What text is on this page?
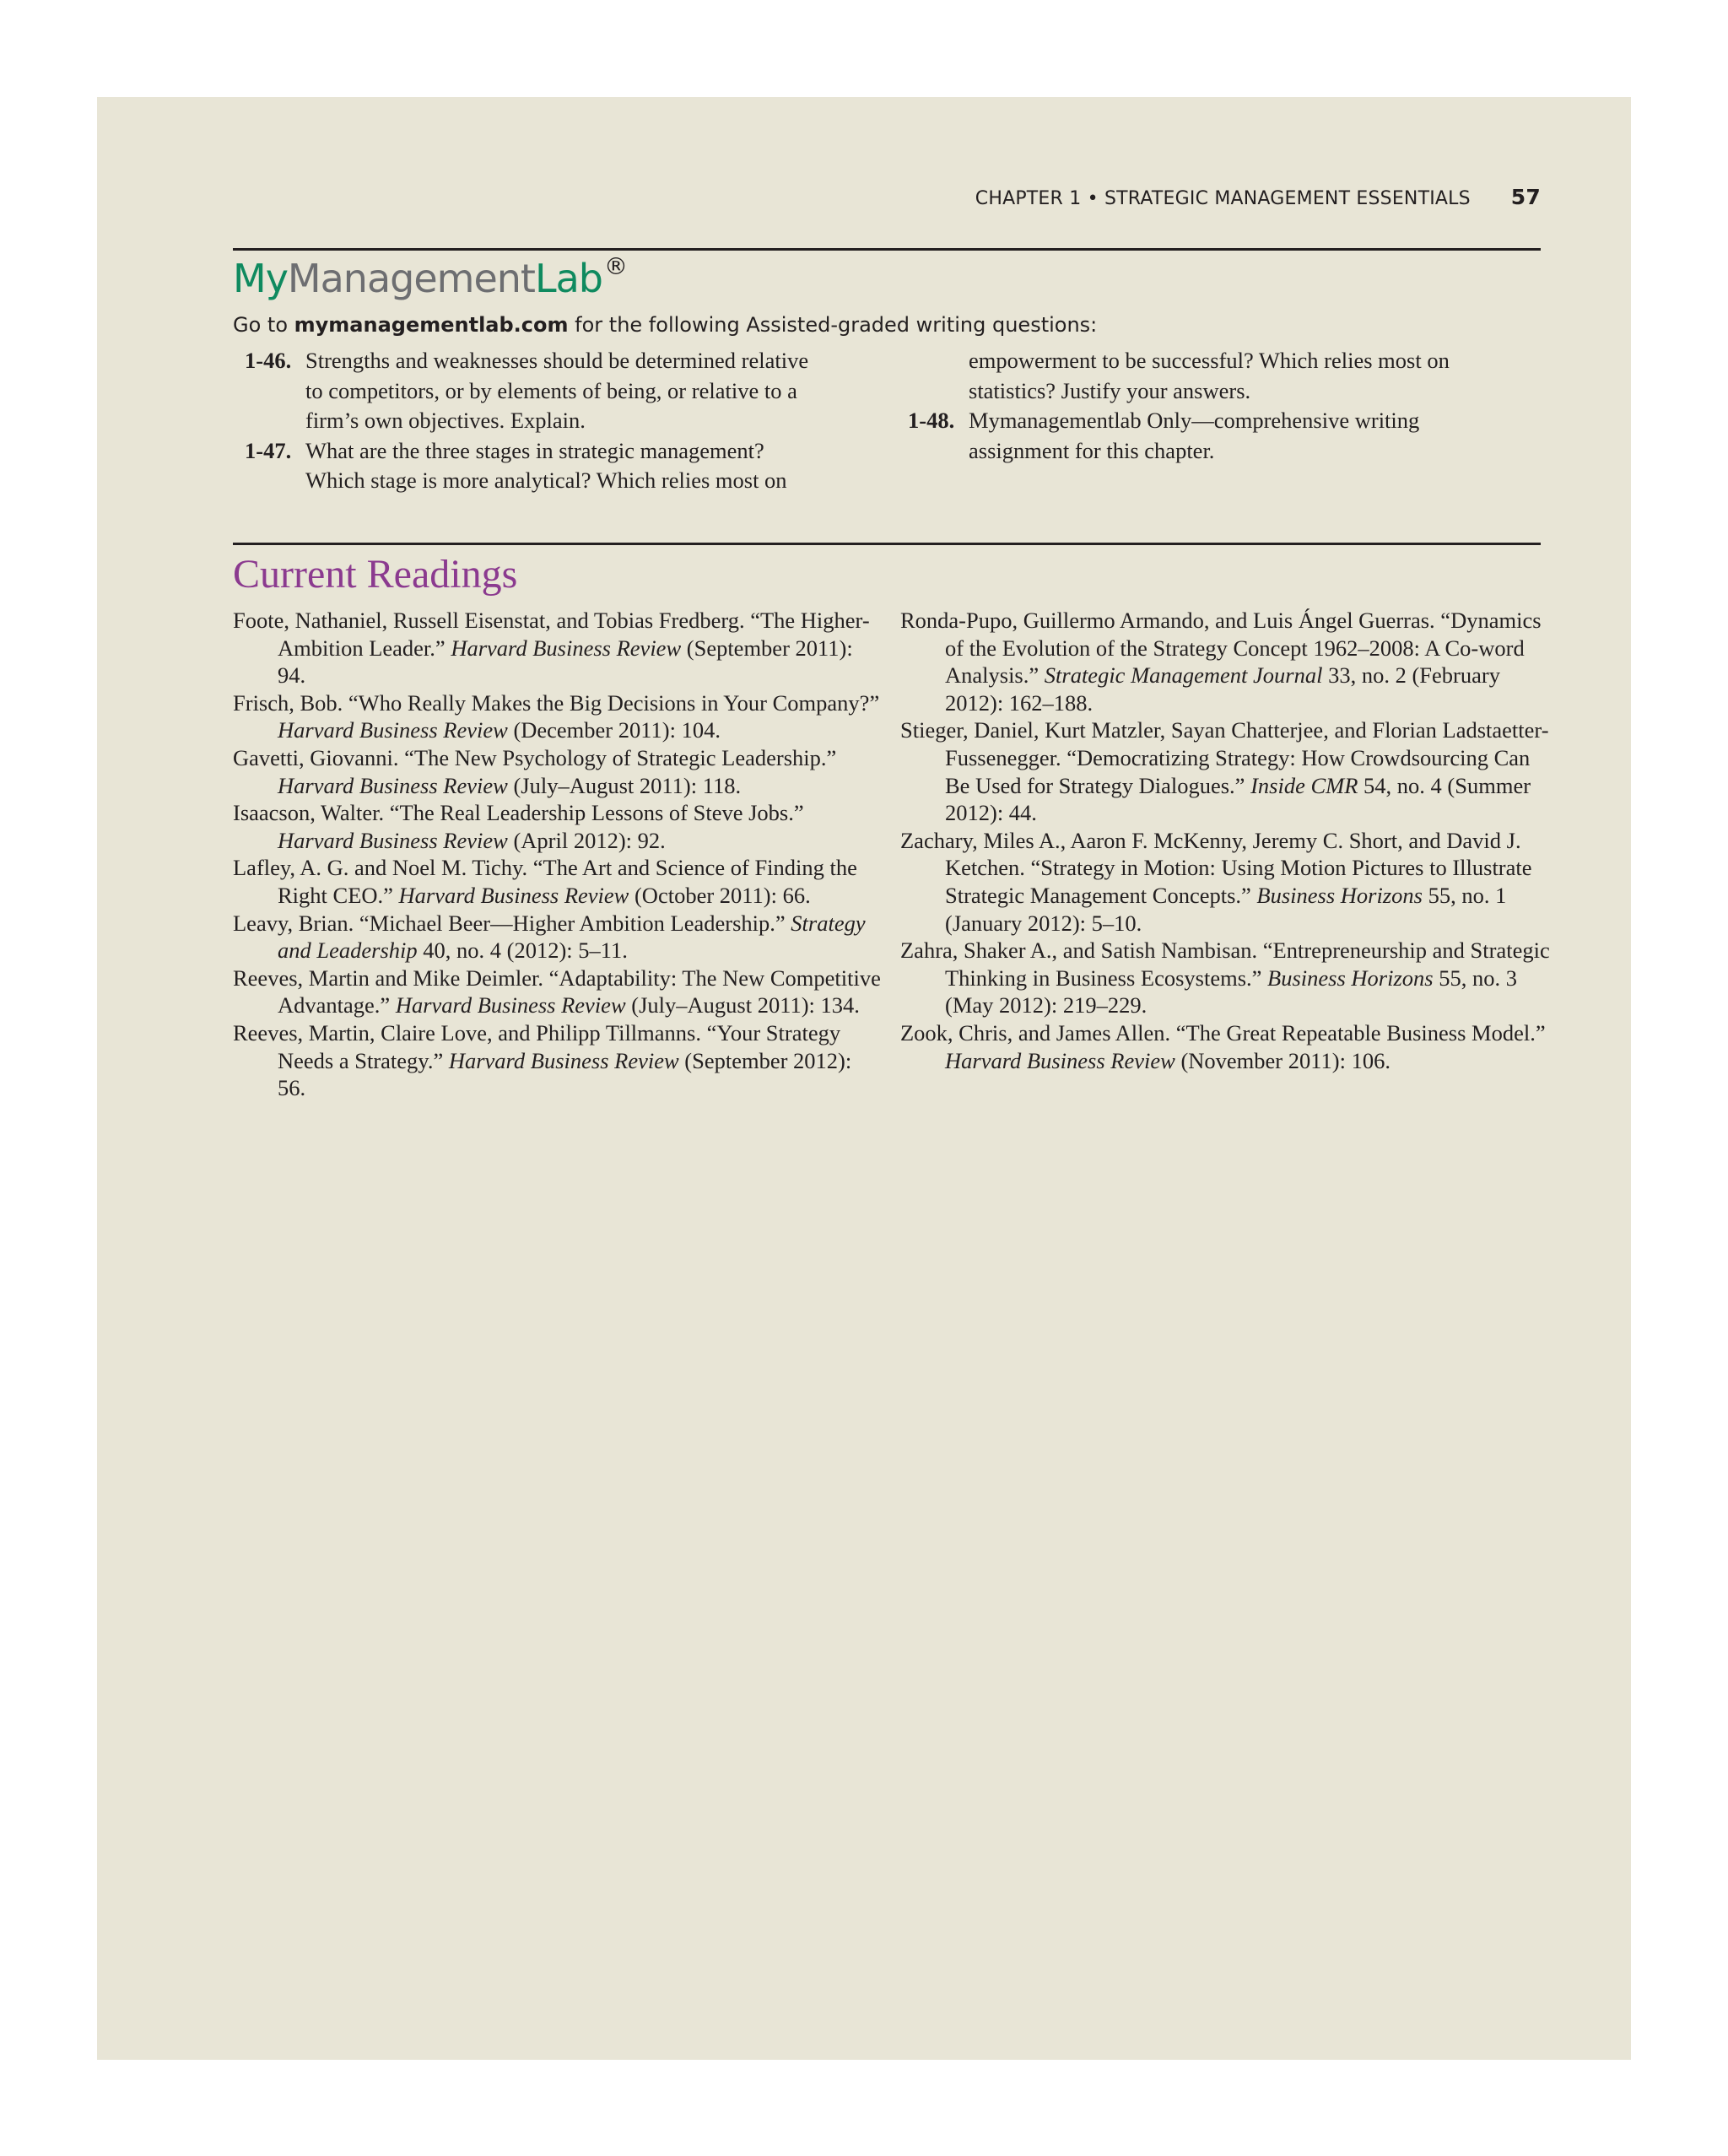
CHAPTER 1 • STRATEGIC MANAGEMENT ESSENTIALS 57
MyManagementLab®
Go to mymanagementlab.com for the following Assisted-graded writing questions:
1-46. Strengths and weaknesses should be determined relative
to competitors, or by elements of being, or relative to a
firm’s own objectives. Explain.
1-47. What are the three stages in strategic management?
Which stage is more analytical? Which relies most on
empowerment to be successful? Which relies most on
statistics? Justify your answers.
1-48. Mymanagementlab Only—comprehensive writing
assignment for this chapter.
Current Readings
Foote, Nathaniel, Russell Eisenstat, and Tobias Fredberg. “The Higher-Ambition Leader.” Harvard Business Review (September 2011): 94.
Frisch, Bob. “Who Really Makes the Big Decisions in Your Company?” Harvard Business Review (December 2011): 104.
Gavetti, Giovanni. “The New Psychology of Strategic Leadership.” Harvard Business Review (July–August 2011): 118.
Isaacson, Walter. “The Real Leadership Lessons of Steve Jobs.” Harvard Business Review (April 2012): 92.
Lafley, A. G. and Noel M. Tichy. “The Art and Science of Finding the Right CEO.” Harvard Business Review (October 2011): 66.
Leavy, Brian. “Michael Beer—Higher Ambition Leadership.” Strategy and Leadership 40, no. 4 (2012): 5–11.
Reeves, Martin and Mike Deimler. “Adaptability: The New Competitive Advantage.” Harvard Business Review (July–August 2011): 134.
Reeves, Martin, Claire Love, and Philipp Tillmanns. “Your Strategy Needs a Strategy.” Harvard Business Review (September 2012): 56.
Ronda-Pupo, Guillermo Armando, and Luis Ángel Guerras. “Dynamics of the Evolution of the Strategy Concept 1962–2008: A Co-word Analysis.” Strategic Management Journal 33, no. 2 (February 2012): 162–188.
Stieger, Daniel, Kurt Matzler, Sayan Chatterjee, and Florian Ladstaetter-Fussenegger. “Democratizing Strategy: How Crowdsourcing Can Be Used for Strategy Dialogues.” Inside CMR 54, no. 4 (Summer 2012): 44.
Zachary, Miles A., Aaron F. McKenny, Jeremy C. Short, and David J. Ketchen. “Strategy in Motion: Using Motion Pictures to Illustrate Strategic Management Concepts.” Business Horizons 55, no. 1 (January 2012): 5–10.
Zahra, Shaker A., and Satish Nambisan. “Entrepreneurship and Strategic Thinking in Business Ecosystems.” Business Horizons 55, no. 3 (May 2012): 219–229.
Zook, Chris, and James Allen. “The Great Repeatable Business Model.” Harvard Business Review (November 2011): 106.
